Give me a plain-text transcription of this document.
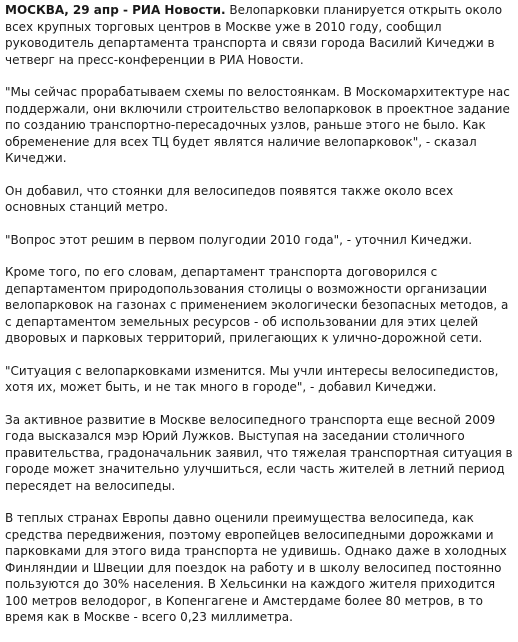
МОСКВА, 29 апр - РИА Новости. Велопарковки планируется открыть около всех крупных торговых центров в Москве уже в 2010 году, сообщил руководитель департамента транспорта и связи города Василий Кичеджи в четверг на пресс-конференции в РИА Новости.

"Мы сейчас прорабатываем схемы по велостоянкам. В Москомархитектуре нас поддержали, они включили строительство велопарковок в проектное задание по созданию транспортно-пересадочных узлов, раньше этого не было. Как обременение для всех ТЦ будет являтся наличие велопарковок", - сказал Кичеджи.

Он добавил, что стоянки для велосипедов появятся также около всех основных станций метро.

"Вопрос этот решим в первом полугодии 2010 года", - уточнил Кичеджи.

Кроме того, по его словам, департамент транспорта договорился с департаментом природопользования столицы о возможности организации велопарковок на газонах с применением экологически безопасных методов, а с департаментом земельных ресурсов - об использовании для этих целей дворовых и парковых территорий, прилегающих к улично-дорожной сети.

"Ситуация с велопарковками изменится. Мы учли интересы велосипедистов, хотя их, может быть, и не так много в городе", - добавил Кичеджи.

За активное развитие в Москве велосипедного транспорта еще весной 2009 года высказался мэр Юрий Лужков. Выступая на заседании столичного правительства, градоначальник заявил, что тяжелая транспортная ситуация в городе может значительно улучшиться, если часть жителей в летний период пересядет на велосипеды.

В теплых странах Европы давно оценили преимущества велосипеда, как средства передвижения, поэтому европейцев велосипедными дорожками и парковками для этого вида транспорта не удивишь. Однако даже в холодных Финляндии и Швеции для поездок на работу и в школу велосипед постоянно пользуются до 30% населения. В Хельсинки на каждого жителя приходится 100 метров велодорог, в Копенгагене и Амстердаме более 80 метров, в то время как в Москве - всего 0,23 миллиметра.
